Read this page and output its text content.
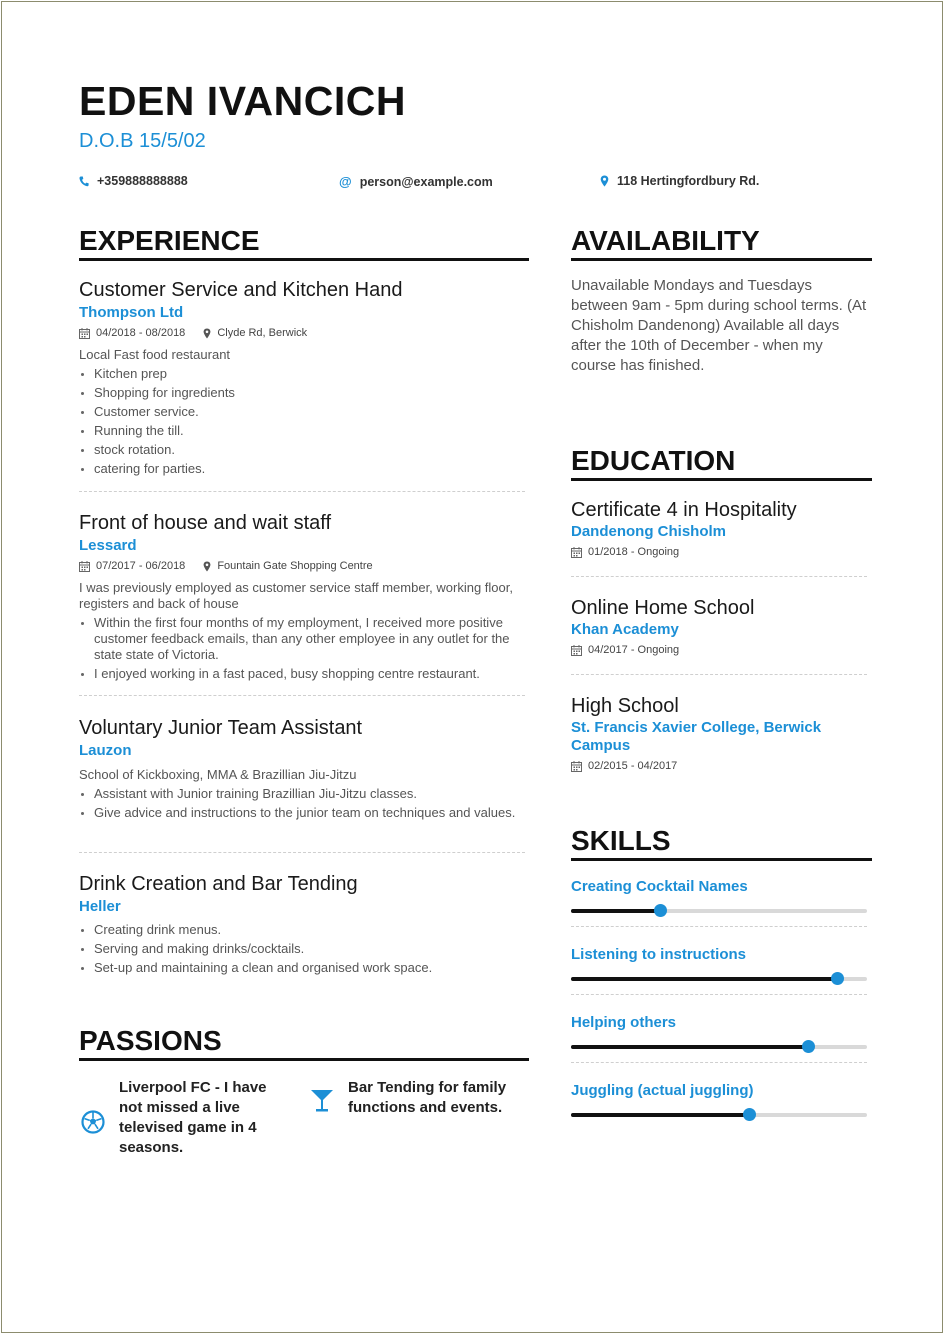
EDEN IVANCICH
D.O.B 15/5/02
+359888888888	@ person@example.com	118 Hertingfordbury Rd.
EXPERIENCE	AVAILABILITY
EDUCATION
SKILLS
PASSIONS
Customer Service and Kitchen Hand
Thompson Ltd
04/2018 - 08/2018	Clyde Rd, Berwick
Local Fast food restaurant
Kitchen prep
Shopping for ingredients
Customer service.
Running the till.
stock rotation.
catering for parties.
Front of house and wait staff
Lessard
07/2017 - 06/2018	Fountain Gate Shopping Centre
I was previously employed as customer service staff member, working floor, registers and back of house
Within the first four months of my employment, I received more positive customer feedback emails, than any other employee in any outlet for the state state of Victoria.
I enjoyed working in a fast paced, busy shopping centre restaurant.
Voluntary Junior Team Assistant
Lauzon
School of Kickboxing, MMA & Brazillian Jiu-Jitzu
Assistant with Junior training Brazillian Jiu-Jitzu classes.
Give advice and instructions to the junior team on techniques and values.
Drink Creation and Bar Tending
Heller
Creating drink menus.
Serving and making drinks/cocktails.
Set-up and maintaining a clean and organised work space.
Unavailable Mondays and Tuesdays between 9am - 5pm during school terms. (At Chisholm Dandenong) Available all days after the 10th of December - when my course has finished.
Certificate 4 in Hospitality
Dandenong Chisholm
01/2018 - Ongoing
Online Home School
Khan Academy
04/2017 - Ongoing
High School
St. Francis Xavier College, Berwick Campus
02/2015 - 04/2017
Creating Cocktail Names
Listening to instructions
Helping others
Juggling (actual juggling)
Liverpool FC - I have not missed a live televised game in 4 seasons.
Bar Tending for family functions and events.
